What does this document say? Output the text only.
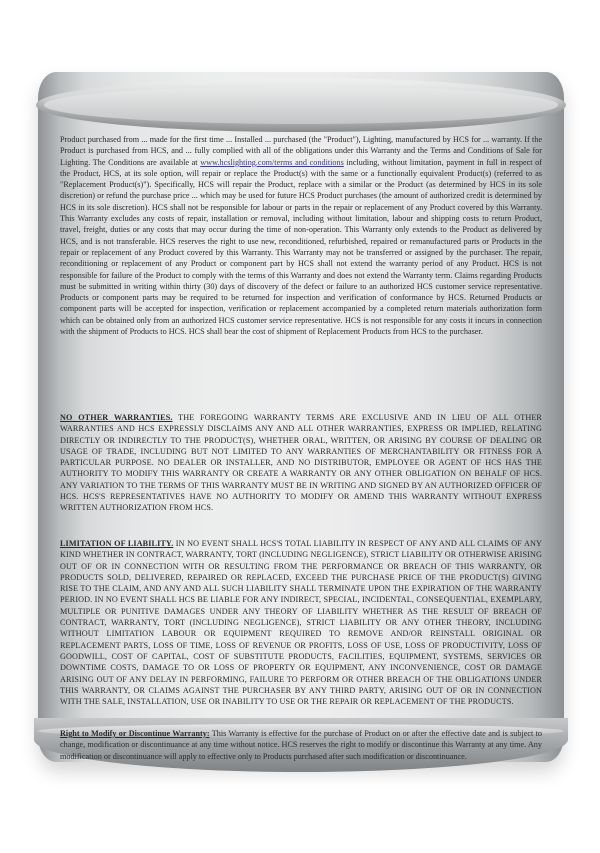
Product purchased from ... made for the first time ... Installed ... purchased (the "Product"), Lighting, manufactured by HCS for ... warranty. If the Product is purchased from HCS, and ... fully complied with all of the obligations under this Warranty and the Terms and Conditions of Sale for Lighting. The Conditions are available at www.hcslighting.com/terms and conditions including, without limitation, payment in full in respect of the Product, HCS, at its sole option, will repair or replace the Product(s) with the same or a functionally equivalent Product(s) (referred to as "Replacement Product(s)"). Specifically, HCS will repair the Product, replace with a similar or the Product (as determined by HCS in its sole discretion) or refund the purchase price ... which may be used for future HCS Product purchases (the amount of authorized credit is determined by HCS in its sole discretion). HCS shall not be responsible for labour or parts in the repair or replacement of any Product covered by this Warranty. This Warranty excludes any costs of repair, installation or removal, including without limitation, labour and shipping costs to return Product, travel, freight, duties or any costs that may occur during the time of non-operation. This Warranty only extends to the Product as delivered by HCS, and is not transferable. HCS reserves the right to use new, reconditioned, refurbished, repaired or remanufactured parts or Products in the repair or replacement of any Product covered by this Warranty. This Warranty may not be transferred or assigned by the purchaser. The repair, reconditioning or replacement of any Product or component part by HCS shall not extend the warranty period of any Product. HCS is not responsible for failure of the Product to comply with the terms of this Warranty and does not extend the Warranty term. Claims regarding Products must be submitted in writing within thirty (30) days of discovery of the defect or failure to an authorized HCS customer service representative. Products or component parts may be required to be returned for inspection and verification of conformance by HCS. Returned Products or component parts will be accepted for inspection, verification or replacement accompanied by a completed return materials authorization form which can be obtained only from an authorized HCS customer service representative. HCS is not responsible for any costs it incurs in connection with the shipment of Products to HCS. HCS shall bear the cost of shipment of Replacement Products from HCS to the purchaser.

NO OTHER WARRANTIES. THE FOREGOING WARRANTY TERMS ARE EXCLUSIVE AND IN LIEU OF ALL OTHER WARRANTIES AND HCS EXPRESSLY DISCLAIMS ANY AND ALL OTHER WARRANTIES, EXPRESS OR IMPLIED, RELATING DIRECTLY OR INDIRECTLY TO THE PRODUCT(S), WHETHER ORAL, WRITTEN, OR ARISING BY COURSE OF DEALING OR USAGE OF TRADE, INCLUDING BUT NOT LIMITED TO ANY WARRANTIES OF MERCHANTABILITY OR FITNESS FOR A PARTICULAR PURPOSE. NO DEALER OR INSTALLER, AND NO DISTRIBUTOR, EMPLOYEE OR AGENT OF HCS HAS THE AUTHORITY TO MODIFY THIS WARRANTY OR CREATE A WARRANTY OR ANY OTHER OBLIGATION ON BEHALF OF HCS. ANY VARIATION TO THE TERMS OF THIS WARRANTY MUST BE IN WRITING AND SIGNED BY AN AUTHORIZED OFFICER OF HCS. HCS'S REPRESENTATIVES HAVE NO AUTHORITY TO MODIFY OR AMEND THIS WARRANTY WITHOUT EXPRESS WRITTEN AUTHORIZATION FROM HCS.

LIMITATION OF LIABILITY. IN NO EVENT SHALL HCS'S TOTAL LIABILITY IN RESPECT OF ANY AND ALL CLAIMS OF ANY KIND WHETHER IN CONTRACT, WARRANTY, TORT (INCLUDING NEGLIGENCE), STRICT LIABILITY OR OTHERWISE ARISING OUT OF OR IN CONNECTION WITH OR RESULTING FROM THE PERFORMANCE OR BREACH OF THIS WARRANTY, OR PRODUCTS SOLD, DELIVERED, REPAIRED OR REPLACED, EXCEED THE PURCHASE PRICE OF THE PRODUCT(S) GIVING RISE TO THE CLAIM, AND ANY AND ALL SUCH LIABILITY SHALL TERMINATE UPON THE EXPIRATION OF THE WARRANTY PERIOD. IN NO EVENT SHALL HCS BE LIABLE FOR ANY INDIRECT, SPECIAL, INCIDENTAL, CONSEQUENTIAL, EXEMPLARY, MULTIPLE OR PUNITIVE DAMAGES UNDER ANY THEORY OF LIABILITY WHETHER AS THE RESULT OF BREACH OF CONTRACT, WARRANTY, TORT (INCLUDING NEGLIGENCE), STRICT LIABILITY OR ANY OTHER THEORY, INCLUDING WITHOUT LIMITATION LABOUR OR EQUIPMENT REQUIRED TO REMOVE AND/OR REINSTALL ORIGINAL OR REPLACEMENT PARTS, LOSS OF TIME, LOSS OF REVENUE OR PROFITS, LOSS OF USE, LOSS OF PRODUCTIVITY, LOSS OF GOODWILL, COST OF CAPITAL, COST OF SUBSTITUTE PRODUCTS, FACILITIES, EQUIPMENT, SYSTEMS, SERVICES OR DOWNTIME COSTS, DAMAGE TO OR LOSS OF PROPERTY OR EQUIPMENT, ANY INCONVENIENCE, COST OR DAMAGE ARISING OUT OF ANY DELAY IN PERFORMING, FAILURE TO PERFORM OR OTHER BREACH OF THE OBLIGATIONS UNDER THIS WARRANTY, OR CLAIMS AGAINST THE PURCHASER BY ANY THIRD PARTY, ARISING OUT OF OR IN CONNECTION WITH THE SALE, INSTALLATION, USE OR INABILITY TO USE OR THE REPAIR OR REPLACEMENT OF THE PRODUCTS.

Right to Modify or Discontinue Warranty: This Warranty is effective for the purchase of Product on or after the effective date and is subject to change, modification or discontinuance at any time without notice. HCS reserves the right to modify or discontinue this Warranty at any time. Any modification or discontinuance will apply to effective only to Products purchased after such modification or discontinuance.
